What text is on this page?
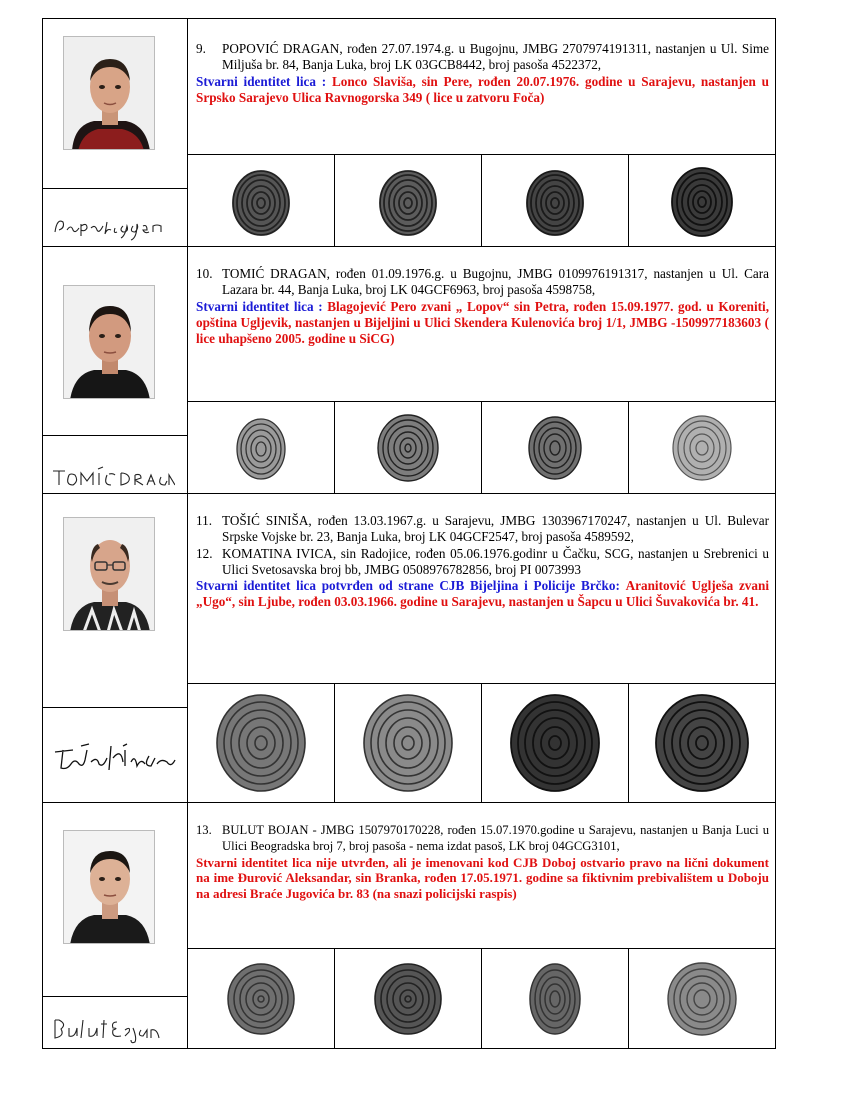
9. POPOVIĆ DRAGAN, rođen 27.07.1974.g. u Bugojnu, JMBG 2707974191311, nastanjen u Ul. Sime Miljuša br. 84, Banja Luka, broj LK 03GCB8442, broj pasoša 4522372,

Stvarni identitet lica : Lonco Slaviša, sin Pere, rođen 20.07.1976. godine u Sarajevu, nastanjen u Srpsko Sarajevo Ulica Ravnogorska 349 ( lice u zatvoru Foča)

10. TOMIĆ DRAGAN, rođen 01.09.1976.g. u Bugojnu, JMBG 0109976191317, nastanjen u Ul. Cara Lazara br. 44, Banja Luka, broj LK 04GCF6963, broj pasoša 4598758,

Stvarni identitet lica : Blagojević Pero zvani „ Lopov“ sin Petra, rođen 15.09.1977. god. u Koreniti, opština Ugljevik, nastanjen u Bijeljini u Ulici Skendera Kulenovića broj 1/1, JMBG -1509977183603 ( lice uhapšeno 2005. godine u SiCG)

11. TOŠIĆ SINIŠA, rođen 13.03.1967.g. u Sarajevu, JMBG 1303967170247, nastanjen u Ul. Bulevar Srpske Vojske br. 23, Banja Luka, broj LK 04GCF2547, broj pasoša 4589592,

12. KOMATINA IVICA, sin Radojice, rođen 05.06.1976.godinr u Čačku, SCG, nastanjen u Srebrenici u Ulici Svetosavska broj bb, JMBG 0508976782856, broj PI 0073993

Stvarni identitet lica potvrđen od strane CJB Bijeljina i Policije Brčko: Aranitović Uglješa zvani „Ugo“, sin Ljube, rođen 03.03.1966. godine u Sarajevu, nastanjen u Šapcu u Ulici Šuvakovića br. 41.

13. BULUT BOJAN - JMBG 1507970170228, rođen 15.07.1970.godine u Sarajevu, nastanjen u Banja Luci u Ulici Beogradska broj 7, broj pasoša - nema izdat pasoš, LK broj 04GCG3101,

Stvarni identitet lica nije utvrđen, ali je imenovani kod CJB Doboj ostvario pravo na lični dokument na ime Đurović Aleksandar, sin Branka, rođen 17.05.1971. godine sa fiktivnim prebivalištem u Doboju na adresi Braće Jugovića br. 83 (na snazi policijski raspis)
